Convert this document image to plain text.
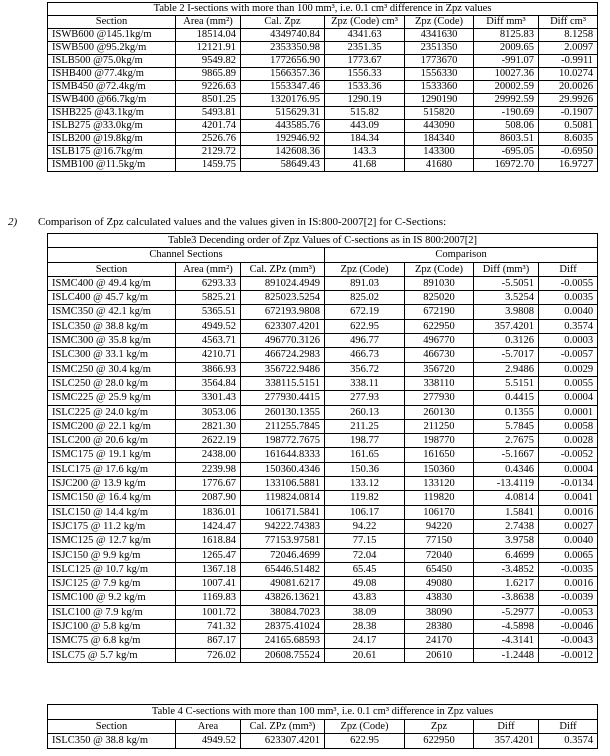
Table 2 I-sections with more than 100 mm³, i.e. 0.1 cm³ difference in Zpz values						
Section	Area (mm²)	Cal. Zpz	Zpz (Code) cm³	Zpz (Code)	Diff mm³	Diff cm³
ISWB600 @145.1kg/m	18514.04	4349740.84	4341.63	4341630	8125.83	8.1258
ISWB500 @95.2kg/m	12121.91	2353350.98	2351.35	2351350	2009.65	2.0097
ISLB500 @75.0kg/m	9549.82	1772656.90	1773.67	1773670	-991.07	-0.9911
ISHB400 @77.4kg/m	9865.89	1566357.36	1556.33	1556330	10027.36	10.0274
ISMB450 @72.4kg/m	9226.63	1553347.46	1533.36	1533360	20002.59	20.0026
ISWB400 @66.7kg/m	8501.25	1320176.95	1290.19	1290190	29992.59	29.9926
ISHB225 @43.1kg/m	5493.81	515629.31	515.82	515820	-190.69	-0.1907
ISLB275 @33.0kg/m	4201.74	443585.76	443.09	443090	508.06	0.5081
ISLB200 @19.8kg/m	2526.76	192946.92	184.34	184340	8603.51	8.6035
ISLB175 @16.7kg/m	2129.72	142608.36	143.3	143300	-695.05	-0.6950
ISMB100 @11.5kg/m	1459.75	58649.43	41.68	41680	16972.70	16.9727
2) Comparison of Zpz calculated values and the values given in IS:800-2007[2] for C-Sections:
Table3 Decending order of Zpz Values of C-sections as in IS 800:2007[2]						
Channel Sections			Comparison			
Section	Area (mm²)	Cal. ZPz (mm³)	Zpz (Code)	Zpz (Code)	Diff (mm³)	Diff
ISMC400 @ 49.4 kg/m	6293.33	891024.4949	891.03	891030	-5.5051	-0.0055
ISLC400 @ 45.7 kg/m	5825.21	825023.5254	825.02	825020	3.5254	0.0035
ISMC350 @ 42.1 kg/m	5365.51	672193.9808	672.19	672190	3.9808	0.0040
ISLC350 @ 38.8 kg/m	4949.52	623307.4201	622.95	622950	357.4201	0.3574
ISMC300 @ 35.8 kg/m	4563.71	496770.3126	496.77	496770	0.3126	0.0003
ISLC300 @ 33.1 kg/m	4210.71	466724.2983	466.73	466730	-5.7017	-0.0057
ISMC250 @ 30.4 kg/m	3866.93	356722.9486	356.72	356720	2.9486	0.0029
ISLC250 @ 28.0 kg/m	3564.84	338115.5151	338.11	338110	5.5151	0.0055
ISMC225 @ 25.9 kg/m	3301.43	277930.4415	277.93	277930	0.4415	0.0004
ISLC225 @ 24.0 kg/m	3053.06	260130.1355	260.13	260130	0.1355	0.0001
ISMC200 @ 22.1 kg/m	2821.30	211255.7845	211.25	211250	5.7845	0.0058
ISLC200 @ 20.6 kg/m	2622.19	198772.7675	198.77	198770	2.7675	0.0028
ISMC175 @ 19.1 kg/m	2438.00	161644.8333	161.65	161650	-5.1667	-0.0052
ISLC175 @ 17.6 kg/m	2239.98	150360.4346	150.36	150360	0.4346	0.0004
ISJC200 @ 13.9 kg/m	1776.67	133106.5881	133.12	133120	-13.4119	-0.0134
ISMC150 @ 16.4 kg/m	2087.90	119824.0814	119.82	119820	4.0814	0.0041
ISLC150 @ 14.4 kg/m	1836.01	106171.5841	106.17	106170	1.5841	0.0016
ISJC175 @ 11.2 kg/m	1424.47	94222.74383	94.22	94220	2.7438	0.0027
ISMC125 @ 12.7 kg/m	1618.84	77153.97581	77.15	77150	3.9758	0.0040
ISJC150 @ 9.9 kg/m	1265.47	72046.4699	72.04	72040	6.4699	0.0065
ISLC125 @ 10.7 kg/m	1367.18	65446.51482	65.45	65450	-3.4852	-0.0035
ISJC125 @ 7.9 kg/m	1007.41	49081.6217	49.08	49080	1.6217	0.0016
ISMC100 @ 9.2 kg/m	1169.83	43826.13621	43.83	43830	-3.8638	-0.0039
ISLC100 @ 7.9 kg/m	1001.72	38084.7023	38.09	38090	-5.2977	-0.0053
ISJC100 @ 5.8 kg/m	741.32	28375.41024	28.38	28380	-4.5898	-0.0046
ISMC75 @ 6.8 kg/m	867.17	24165.68593	24.17	24170	-4.3141	-0.0043
ISLC75 @ 5.7 kg/m	726.02	20608.75524	20.61	20610	-1.2448	-0.0012
Table 4 C-sections with more than 100 mm³, i.e. 0.1 cm³ difference in Zpz values						
Section	Area	Cal. ZPz (mm³)	Zpz (Code)	Zpz	Diff	Diff
ISLC350 @ 38.8 kg/m	4949.52	623307.4201	622.95	622950	357.4201	0.3574
